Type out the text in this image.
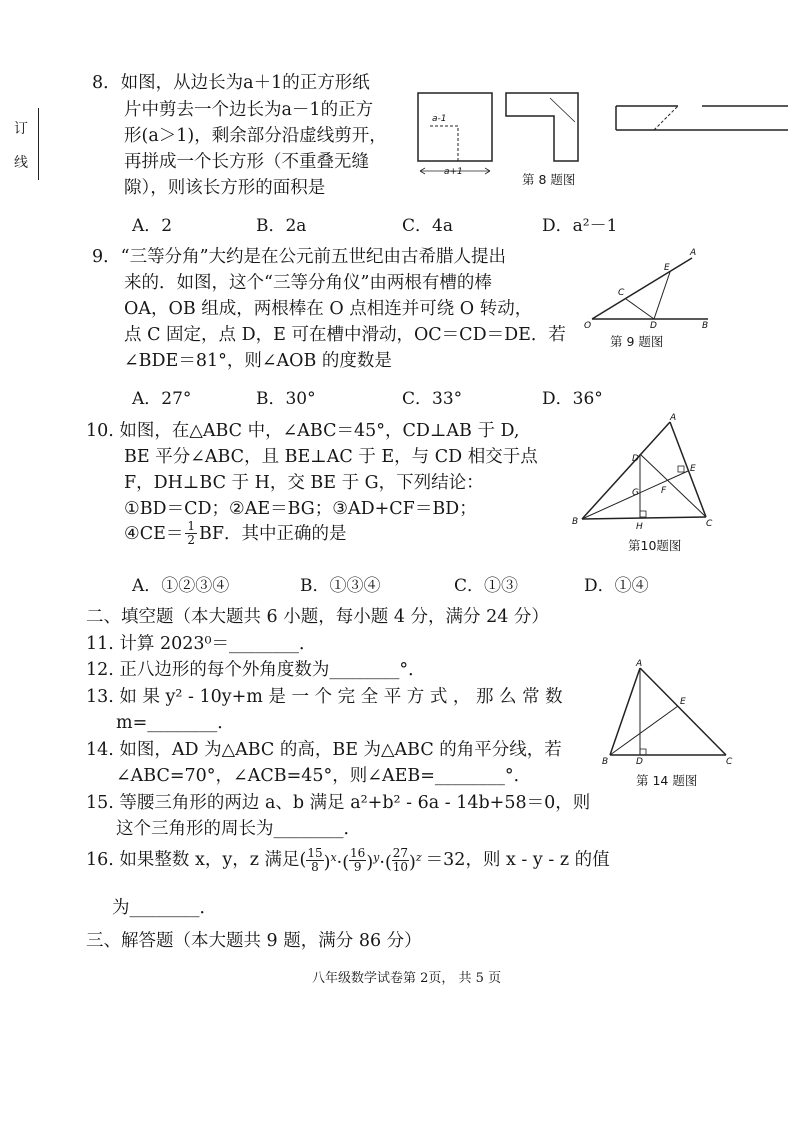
订
线
8．如图，从边长为a＋1的正方形纸
片中剪去一个边长为a－1的正方
形(a＞1)，剩余部分沿虚线剪开，
再拼成一个长方形（不重叠无缝
隙），则该长方形的面积是
a-1
a+1	第 8 题图
A．2	B．2a	C．4a	D．a²－1
9．“三等分角”大约是在公元前五世纪由古希腊人提出
来的．如图，这个“三等分角仪”由两根有槽的棒
OA，OB 组成，两根棒在 O 点相连并可绕 O 转动，
点 C 固定，点 D，E 可在槽中滑动，OC＝CD＝DE．若
∠BDE＝81°，则∠AOB 的度数是
A
E
C
O	D	B
第 9 题图
A．27°	B．30°	C．33°	D．36°
10. 如图，在△ABC 中，∠ABC＝45°，CD⊥AB 于 D,
BE 平分∠ABC，且 BE⊥AC 于 E，与 CD 相交于点
F，DH⊥BC 于 H，交 BE 于 G，下列结论：
①BD＝CD；②AE＝BG；③AD+CF＝BD；
④CE＝ $\frac{1}{2}$ BF．其中正确的是
A
D
E
G F
B	H	C
第10题图
A．①②③④	B．①③④	C．①③	D．①④
二、填空题（本大题共 6 小题，每小题 4 分，满分 24 分）
11. 计算 2023⁰＝________．
12. 正八边形的每个外角度数为________°．
13. 如 果 y² - 10y+m 是 一 个 完 全 平 方 式 ， 那 么 常 数
m=________．
14. 如图，AD 为△ABC 的高，BE 为△ABC 的角平分线，若
∠ABC=70°，∠ACB=45°，则∠AEB=________°．
A
E
B	D	C
第 14 题图
15. 等腰三角形的两边 a、b 满足 a²+b² - 6a - 14b+58＝0，则
这个三角形的周长为________．
16. 如果整数 x，y，z 满足( $\frac{15}{8} )^x\cdot( \frac{16}{9} )^y\cdot( \frac{27}{10} )^z =32$，则 x - y - z 的值
为________．
三、解答题（本大题共 9 题，满分 86 分）
八年级数学试卷第 2页， 共 5 页
